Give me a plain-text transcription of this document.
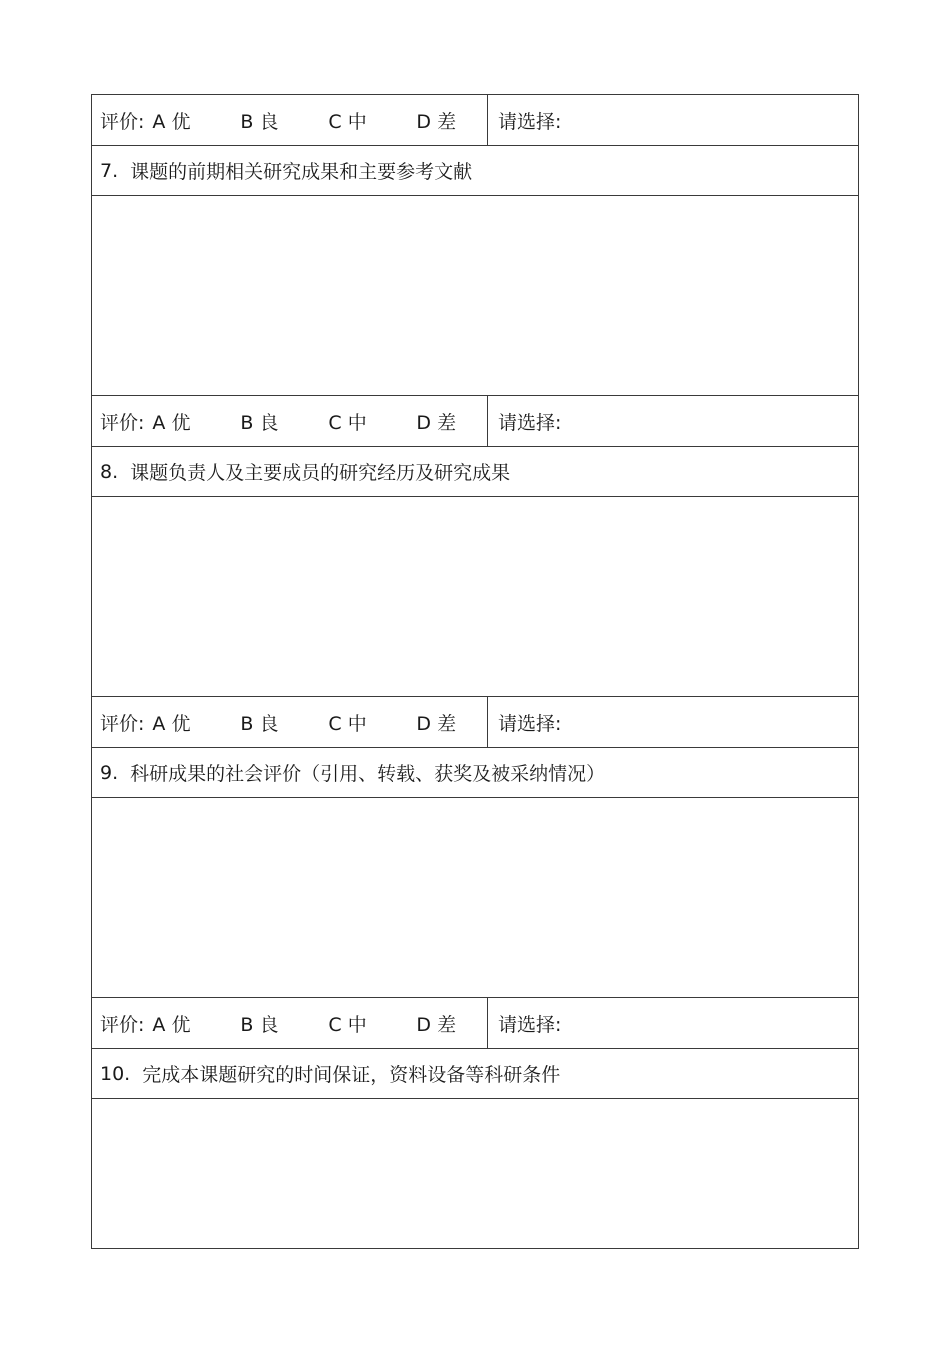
评价: A 优	B 良	C 中	D 差 请选择:
7. 课题的前期相关研究成果和主要参考文献
评价: A 优	B 良	C 中	D 差 请选择:
8. 课题负责人及主要成员的研究经历及研究成果
评价: A 优	B 良	C 中	D 差 请选择:
9. 科研成果的社会评价（引用、转载、获奖及被采纳情况）
评价: A 优	B 良	C 中	D 差 请选择:
10. 完成本课题研究的时间保证，资料设备等科研条件
